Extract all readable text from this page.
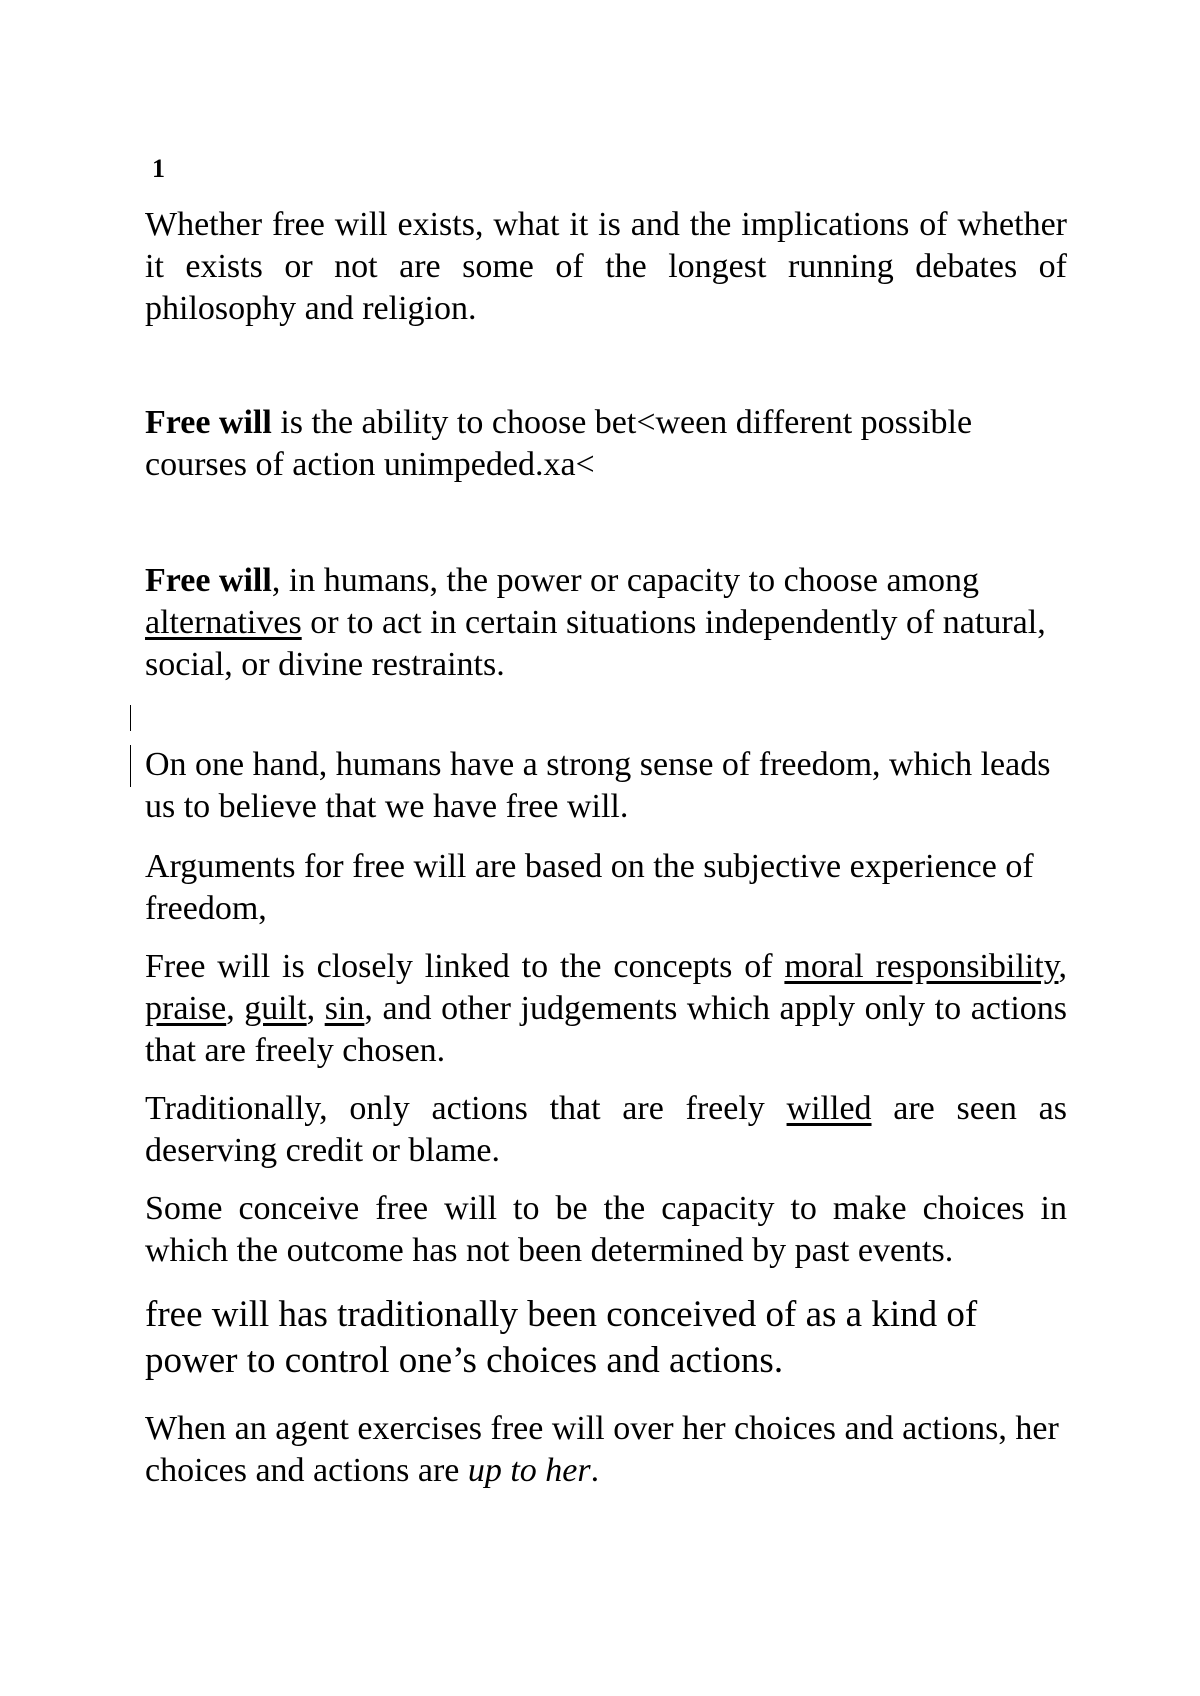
1

Whether free will exists, what it is and the implications of whether it exists or not are some of the longest running debates of philosophy and religion.

Free will is the ability to choose bet<ween different possible courses of action unimpeded.xa<

Free will, in humans, the power or capacity to choose among alternatives or to act in certain situations independently of natural, social, or divine restraints.

On one hand, humans have a strong sense of freedom, which leads us to believe that we have free will.

Arguments for free will are based on the subjective experience of freedom,

Free will is closely linked to the concepts of moral responsibility, praise, guilt, sin, and other judgements which apply only to actions that are freely chosen.

Traditionally, only actions that are freely willed are seen as deserving credit or blame.

Some conceive free will to be the capacity to make choices in which the outcome has not been determined by past events.

free will has traditionally been conceived of as a kind of power to control one’s choices and actions.

When an agent exercises free will over her choices and actions, her choices and actions are up to her.
